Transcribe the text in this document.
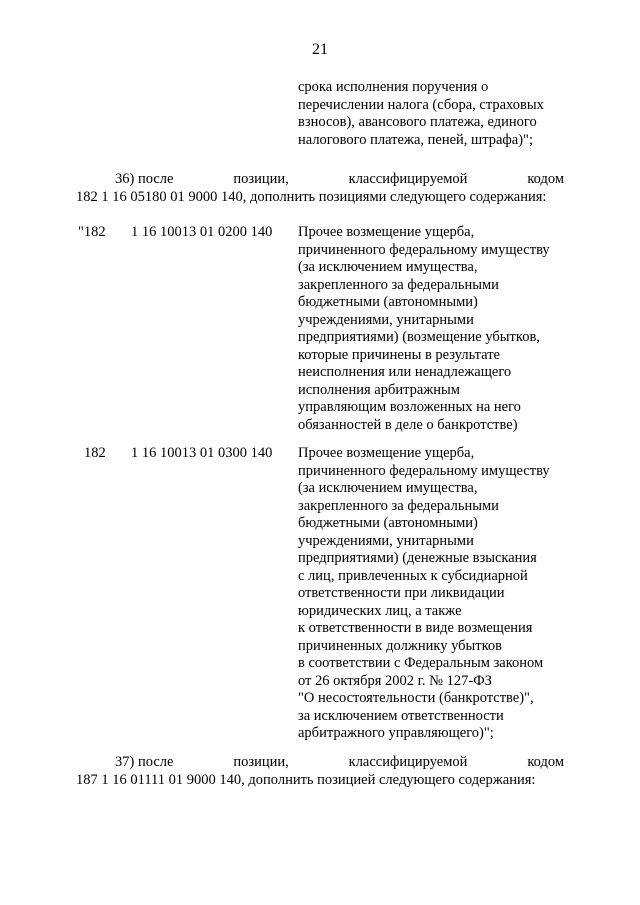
21
срока исполнения поручения о
перечислении налога (сбора, страховых
взносов), авансового платежа, единого
налогового платежа, пеней, штрафа)";
36) после	позиции,	классифицируемой	кодом
182 1 16 05180 01 9000 140, дополнить позициями следующего содержания:
"182 1 16 10013 01 0200 140 Прочее возмещение ущерба,
причиненного федеральному имуществу
(за исключением имущества,
закрепленного за федеральными
бюджетными (автономными)
учреждениями, унитарными
предприятиями) (возмещение убытков,
которые причинены в результате
неисполнения или ненадлежащего
исполнения арбитражным
управляющим возложенных на него
обязанностей в деле о банкротстве)
182 1 16 10013 01 0300 140 Прочее возмещение ущерба,
причиненного федеральному имуществу
(за исключением имущества,
закрепленного за федеральными
бюджетными (автономными)
учреждениями, унитарными
предприятиями) (денежные взыскания
с лиц, привлеченных к субсидиарной
ответственности при ликвидации
юридических лиц, а также
к ответственности в виде возмещения
причиненных должнику убытков
в соответствии с Федеральным законом
от 26 октября 2002 г. № 127-ФЗ
"О несостоятельности (банкротстве)",
за исключением ответственности
арбитражного управляющего)";
37) после	позиции,	классифицируемой	кодом
187 1 16 01111 01 9000 140, дополнить позицией следующего содержания:
